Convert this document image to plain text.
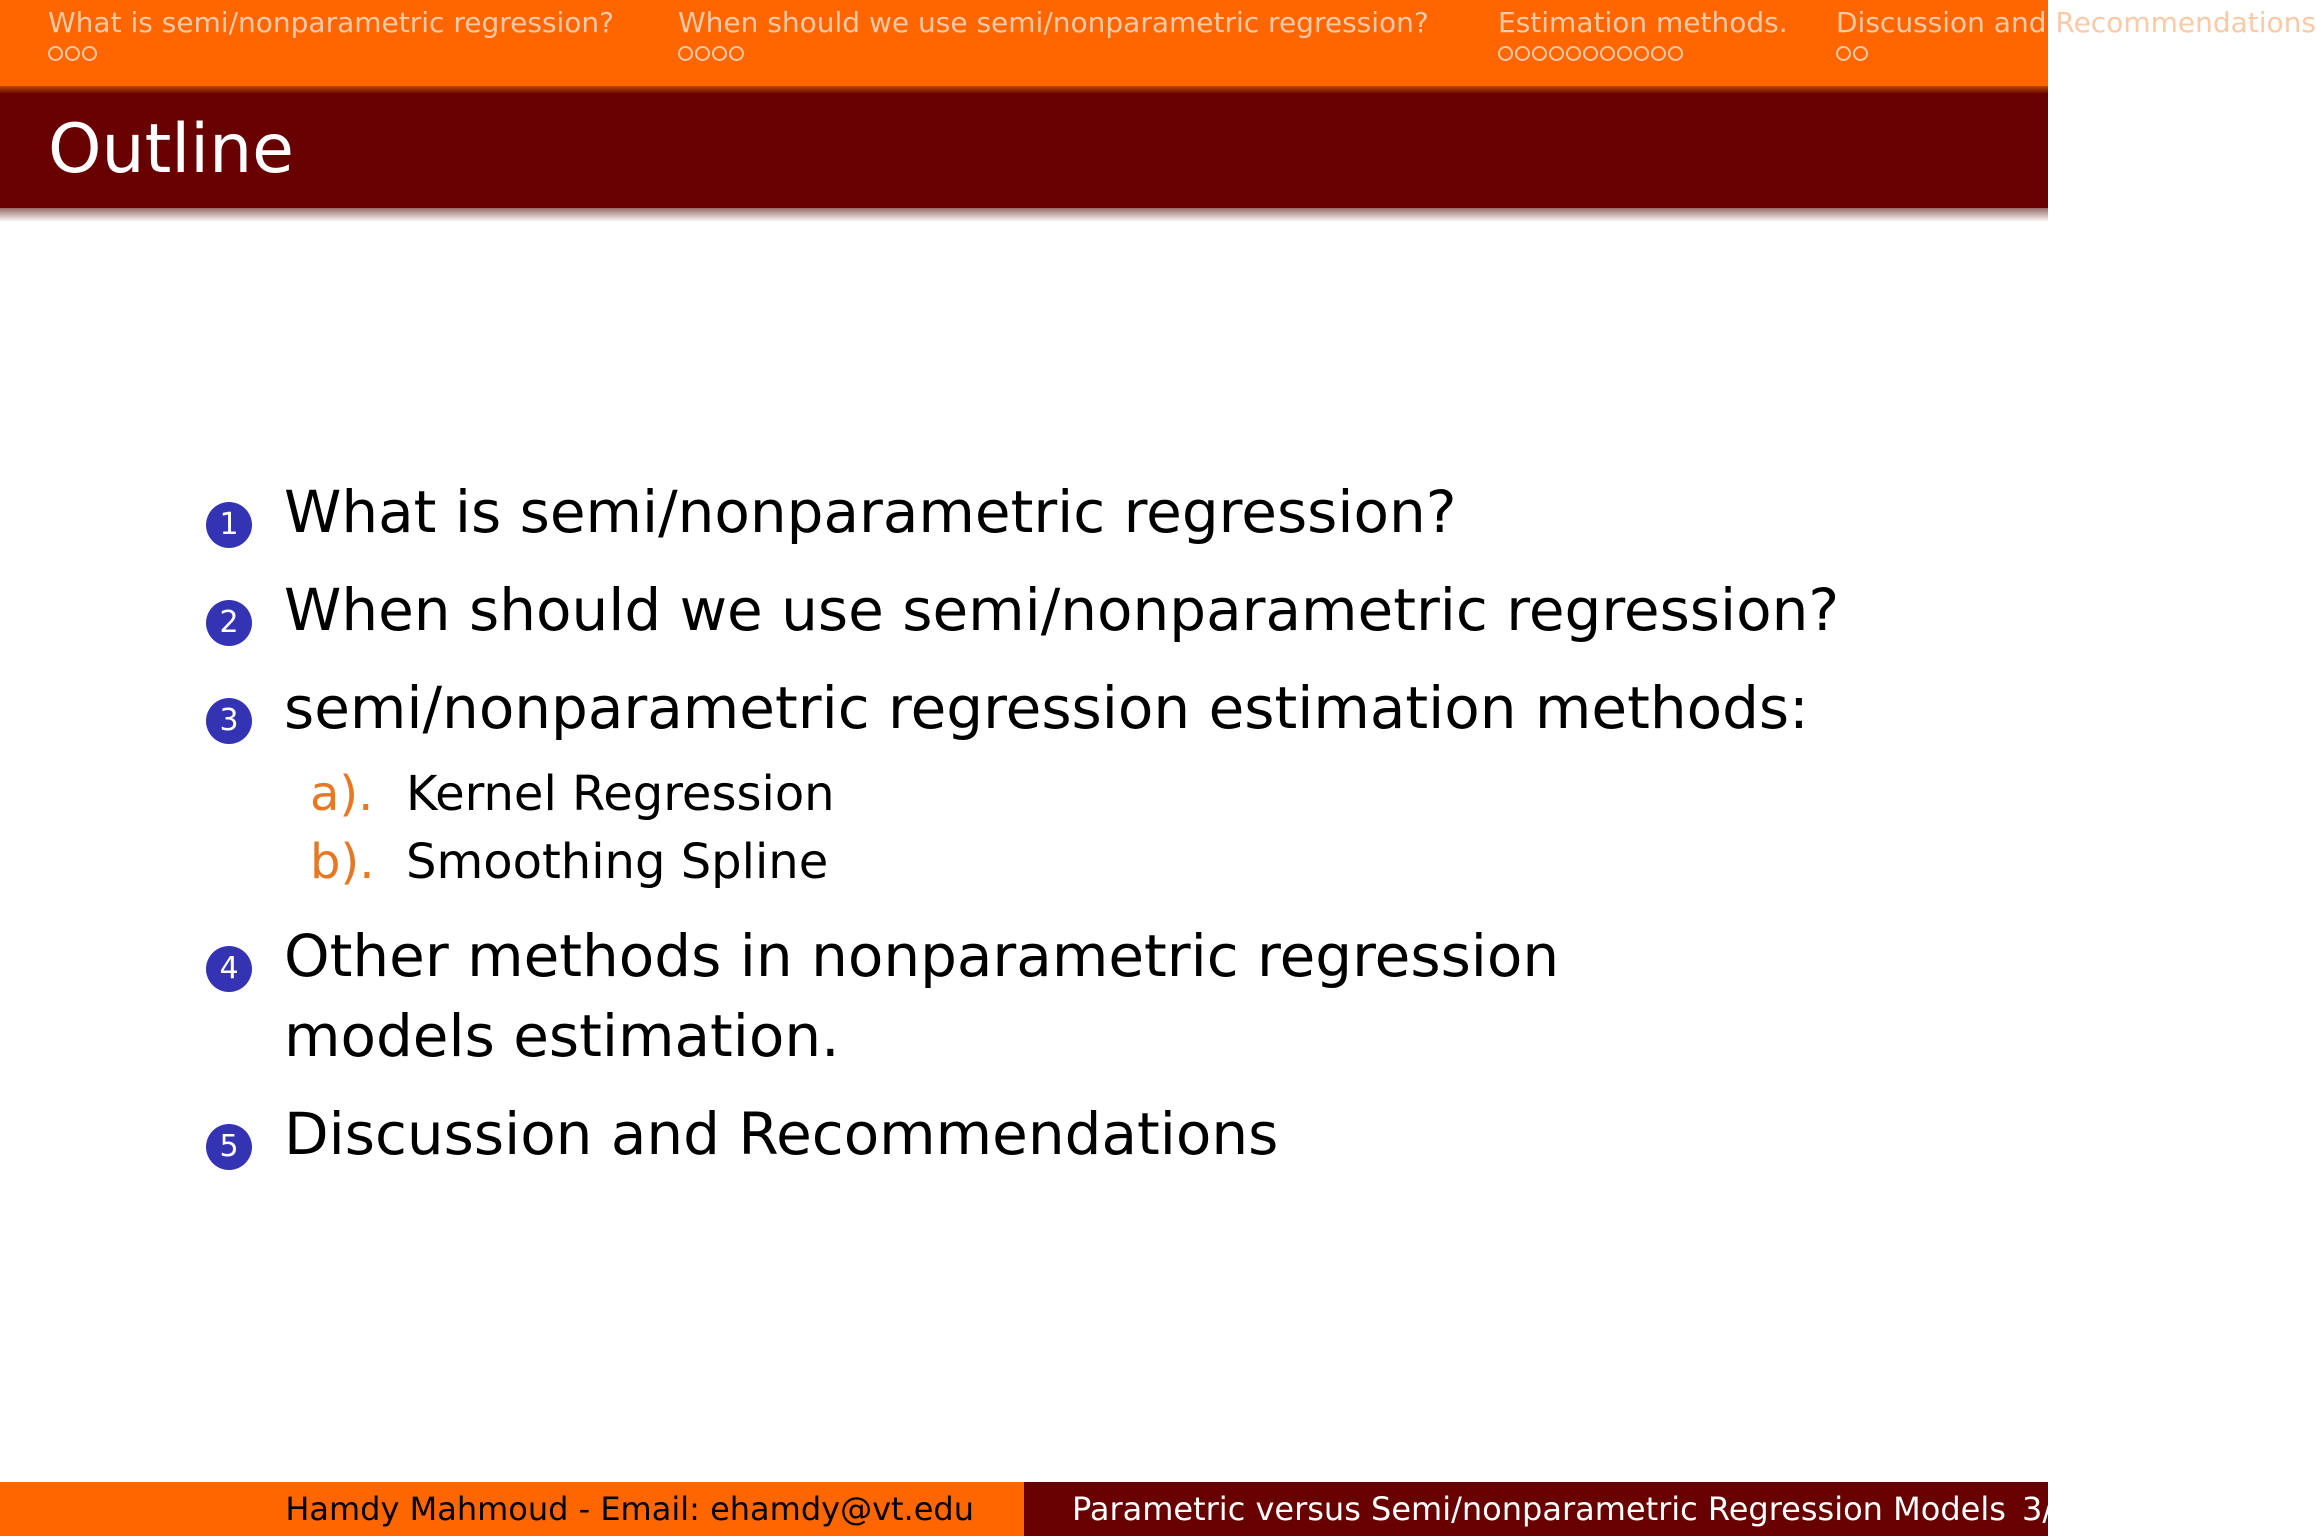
What is semi/nonparametric regression? When should we use semi/nonparametric regression? Estimation methods. Discussion and Recommendations
Outline
1 What is semi/nonparametric regression?
2 When should we use semi/nonparametric regression?
3 semi/nonparametric regression estimation methods:
a). Kernel Regression
b). Smoothing Spline
4 Other methods in nonparametric regression models estimation.
5 Discussion and Recommendations
Hamdy Mahmoud - Email: ehamdy@vt.edu	Parametric versus Semi/nonparametric Regression Models 3/
